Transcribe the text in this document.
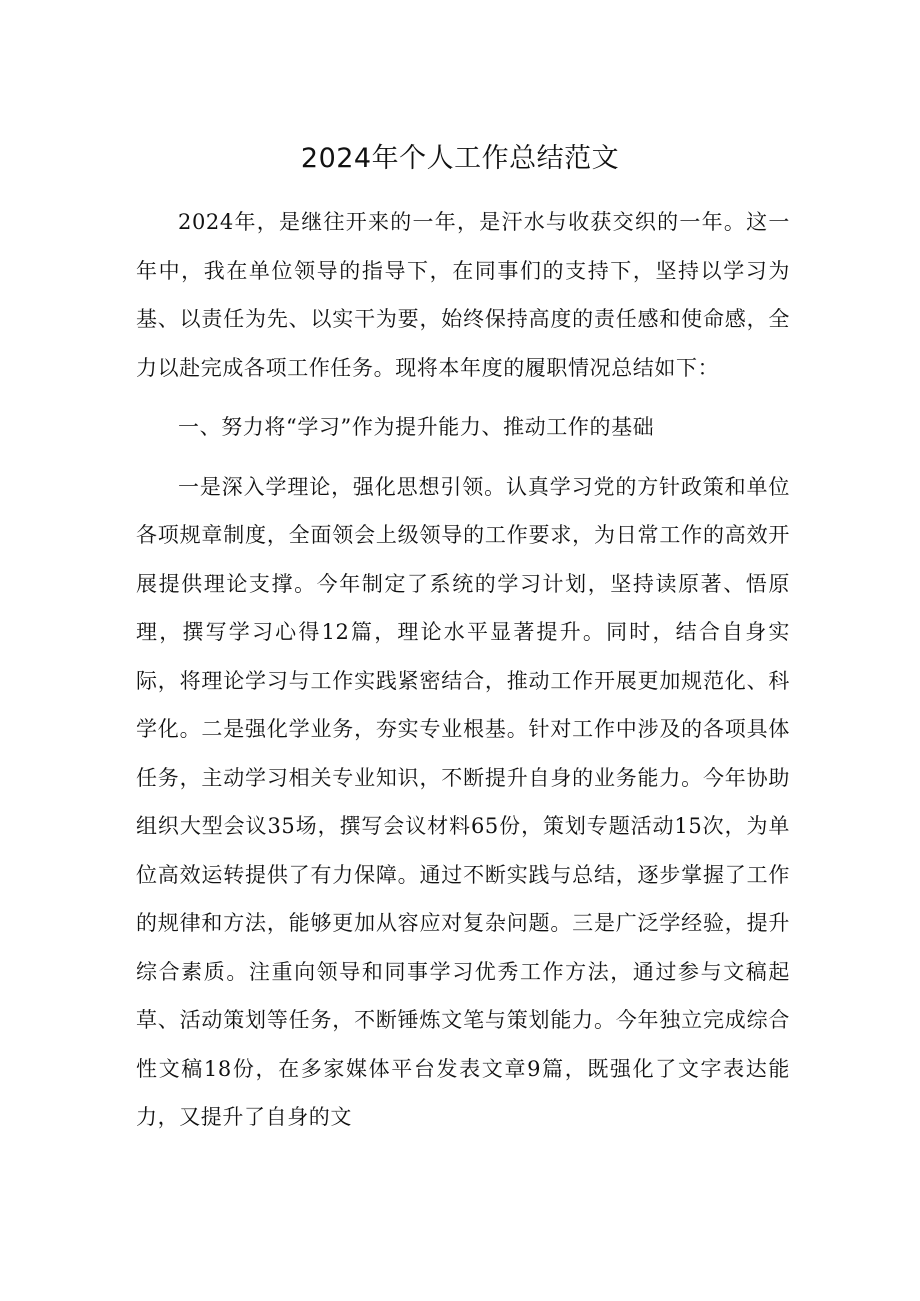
2024年个人工作总结范文

2024年，是继往开来的一年，是汗水与收获交织的一年。这一年中，我在单位领导的指导下，在同事们的支持下，坚持以学习为基、以责任为先、以实干为要，始终保持高度的责任感和使命感，全力以赴完成各项工作任务。现将本年度的履职情况总结如下：

一、努力将“学习”作为提升能力、推动工作的基础

一是深入学理论，强化思想引领。认真学习党的方针政策和单位各项规章制度，全面领会上级领导的工作要求，为日常工作的高效开展提供理论支撑。今年制定了系统的学习计划，坚持读原著、悟原理，撰写学习心得12篇，理论水平显著提升。同时，结合自身实际，将理论学习与工作实践紧密结合，推动工作开展更加规范化、科学化。二是强化学业务，夯实专业根基。针对工作中涉及的各项具体任务，主动学习相关专业知识，不断提升自身的业务能力。今年协助组织大型会议35场，撰写会议材料65份，策划专题活动15次，为单位高效运转提供了有力保障。通过不断实践与总结，逐步掌握了工作的规律和方法，能够更加从容应对复杂问题。三是广泛学经验，提升综合素质。注重向领导和同事学习优秀工作方法，通过参与文稿起草、活动策划等任务，不断锤炼文笔与策划能力。今年独立完成综合性文稿18份，在多家媒体平台发表文章9篇，既强化了文字表达能力，又提升了自身的文
